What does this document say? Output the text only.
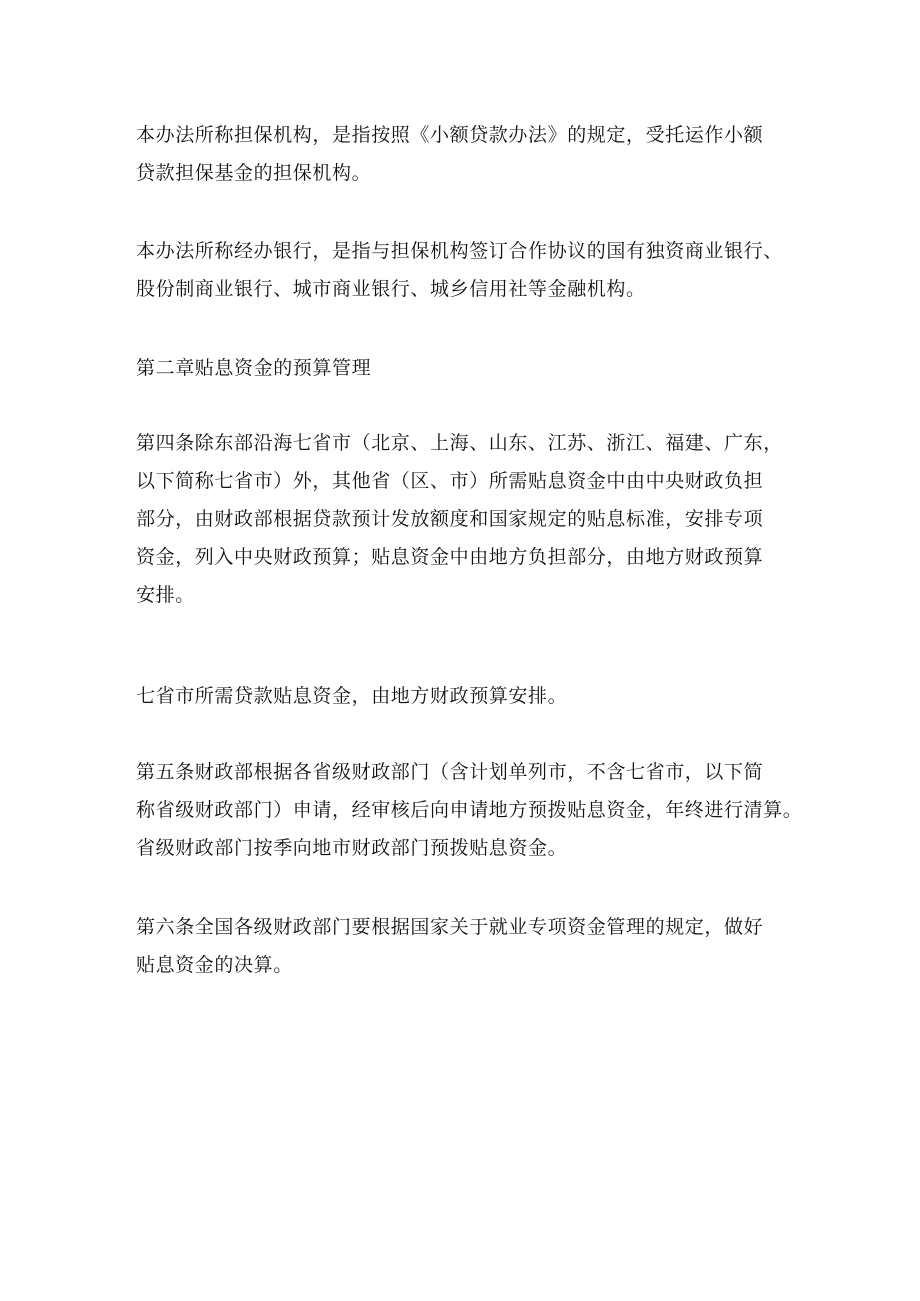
本办法所称担保机构，是指按照《小额贷款办法》的规定，受托运作小额
贷款担保基金的担保机构。
本办法所称经办银行，是指与担保机构签订合作协议的国有独资商业银行、
股份制商业银行、城市商业银行、城乡信用社等金融机构。
第二章贴息资金的预算管理
第四条除东部沿海七省市（北京、上海、山东、江苏、浙江、福建、广东，
以下简称七省市）外，其他省（区、市）所需贴息资金中由中央财政负担
部分，由财政部根据贷款预计发放额度和国家规定的贴息标准，安排专项
资金，列入中央财政预算；贴息资金中由地方负担部分，由地方财政预算
安排。
七省市所需贷款贴息资金，由地方财政预算安排。
第五条财政部根据各省级财政部门（含计划单列市，不含七省市，以下简
称省级财政部门）申请，经审核后向申请地方预拨贴息资金，年终进行清算。
省级财政部门按季向地市财政部门预拨贴息资金。
第六条全国各级财政部门要根据国家关于就业专项资金管理的规定，做好
贴息资金的决算。
